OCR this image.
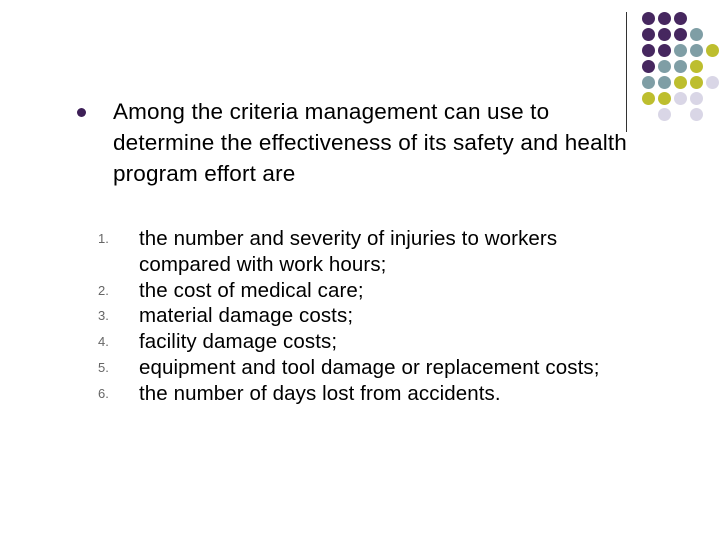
Among the criteria management can use to determine the effectiveness of its safety and health program effort are
1. the number and severity of injuries to workers compared with work hours;
2. the cost of medical care;
3. material damage costs;
4. facility damage costs;
5. equipment and tool damage or replacement costs;
6. the number of days lost from accidents.
